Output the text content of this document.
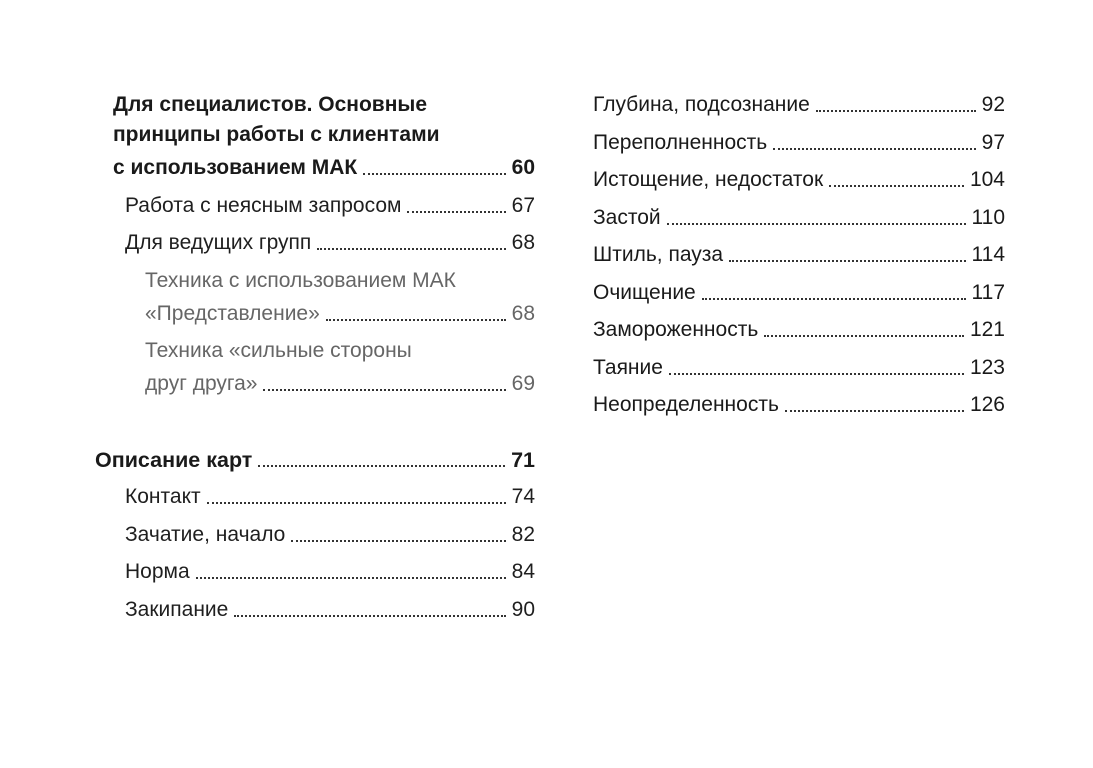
Для специалистов. Основные
принципы работы с клиентами
с использованием МАК	60
Работа с неясным запросом	67
Для ведущих групп	68
Техника с использованием МАК
«Представление»	68
Техника «сильные стороны
друг друга»	69
Описание карт	71
Контакт	74
Зачатие, начало	82
Норма	84
Закипание	90
Глубина, подсознание	92
Переполненность	97
Истощение, недостаток	104
Застой	110
Штиль, пауза	114
Очищение	117
Замороженность	121
Таяние	123
Неопределенность	126
